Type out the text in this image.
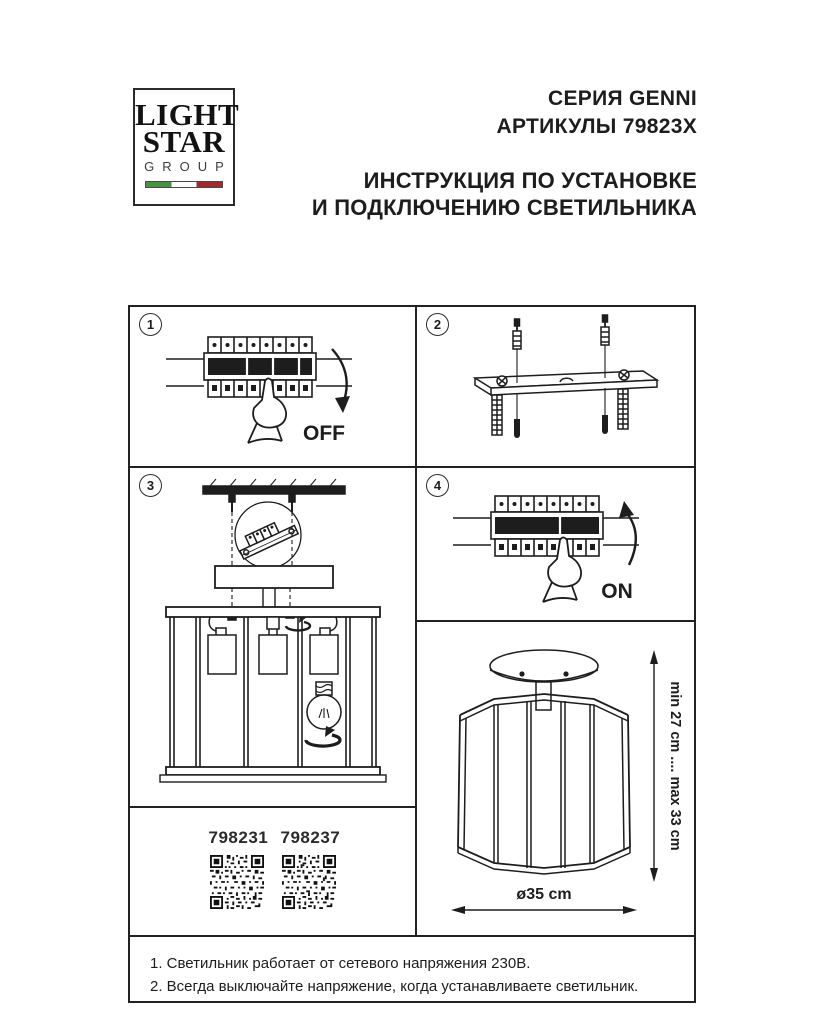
LIGHT
STAR
GROUP
СЕРИЯ GENNI
АРТИКУЛЫ 79823X
ИНСТРУКЦИЯ ПО УСТАНОВКЕ
И ПОДКЛЮЧЕНИЮ СВЕТИЛЬНИКА
1
OFF
2
3	4
ON
798231 798237	min 27 cm .... max 33 cm
ø35 cm
1. Светильник работает от сетевого напряжения 230В.
2. Всегда выключайте напряжение, когда устанавливаете светильник.
